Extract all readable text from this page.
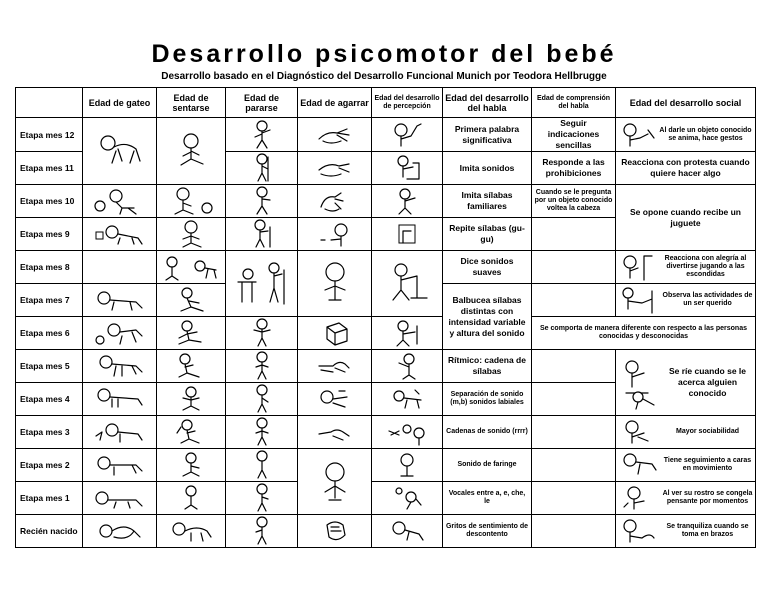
Desarrollo psicomotor del bebé
Desarrollo basado en el Diagnóstico del Desarrollo Funcional Munich por Teodora Hellbrugge
	Edad de gateo	Edad de sentarse	Edad de pararse	Edad de agarrar	Edad del desarrollo de percepción	Edad del desarrollo del habla	Edad de comprensión del habla	Edad del desarrollo social
Etapa mes 12						Primera palabra significativa	Seguir indicaciones sencillas	Al darle un objeto conocido se anima, hace gestos

Etapa mes 11						Imita sonidos	Responde a las prohibiciones	Reacciona con protesta cuando quiere hacer algo
Etapa mes 10						Imita sílabas familiares	Cuando se le pregunta por un objeto conocido voltea la cabeza	Se opone cuando recibe un juguete
Etapa mes 9						Repite sílabas (gu-gu)		
Etapa mes 8						Dice sonidos suaves		Reacciona con alegría al divertirse jugando a las escondidas

Etapa mes 7						Balbucea sílabas distintas con intensidad variable y altura del sonido		Observa las actividades de un ser querido

Etapa mes 6							Se comporta de manera diferente con respecto a las personas conocidas y desconocidas	
Etapa mes 5						Rítmico: cadena de sílabas		Se ríe cuando se le acerca alguien conocido

Etapa mes 4						Separación de sonido (m,b) sonidos labiales		
Etapa mes 3						Cadenas de sonido (rrrr)		Mayor sociabilidad

Etapa mes 2						Sonido de faringe		Tiene seguimiento a caras en movimiento

Etapa mes 1						Vocales entre a, e, che, le		Al ver su rostro se congela pensante por momentos

Recién nacido						Gritos de sentimiento de descontento		Se tranquiliza cuando se toma en brazos
